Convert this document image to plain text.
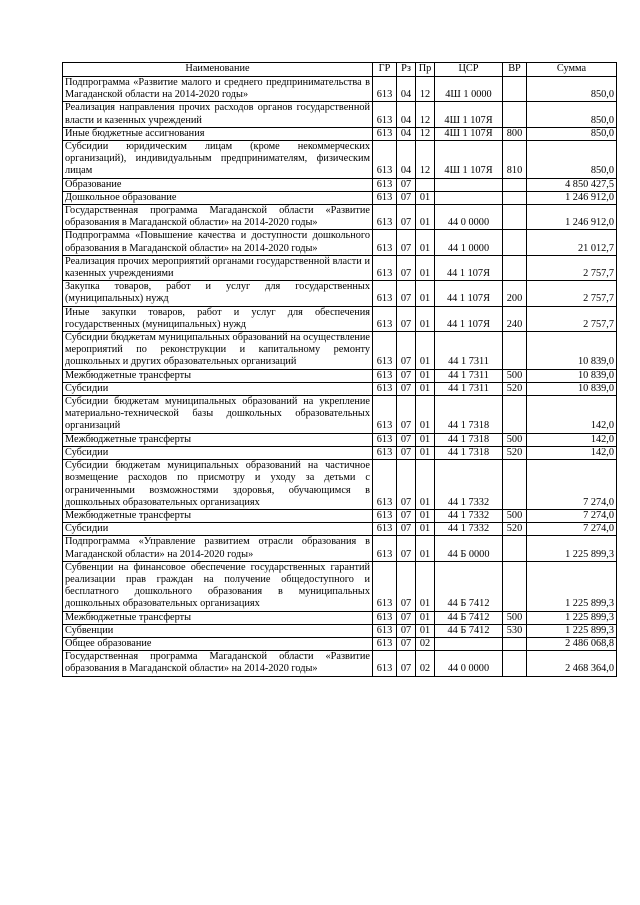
Наименование	ГР	Рз	Пр	ЦСР	ВР	Сумма
Подпрограмма «Развитие малого и среднего предпринимательства в Магаданской области на 2014-2020 годы»	613	04	12	4Ш 1 0000		850,0
Реализация направления прочих расходов органов государственной власти и казенных учреждений	613	04	12	4Ш 1 107Я		850,0
Иные бюджетные ассигнования	613	04	12	4Ш 1 107Я	800	850,0
Субсидии юридическим лицам (кроме некоммерческих организаций), индивидуальным предпринимателям, физическим лицам	613	04	12	4Ш 1 107Я	810	850,0
Образование	613	07				4 850 427,5
Дошкольное образование	613	07	01			1 246 912,0
Государственная программа Магаданской области «Развитие образования в Магаданской области» на 2014-2020 годы»	613	07	01	44 0 0000		1 246 912,0
Подпрограмма «Повышение качества и доступности дошкольного образования в Магаданской области» на 2014-2020 годы»	613	07	01	44 1 0000		21 012,7
Реализация прочих мероприятий органами государственной власти и казенных учреждениями	613	07	01	44 1 107Я		2 757,7
Закупка товаров, работ и услуг для государственных (муниципальных) нужд	613	07	01	44 1 107Я	200	2 757,7
Иные закупки товаров, работ и услуг для обеспечения государственных (муниципальных) нужд	613	07	01	44 1 107Я	240	2 757,7
Субсидии бюджетам муниципальных образований на осуществление мероприятий по реконструкции и капитальному ремонту дошкольных и других образовательных организаций	613	07	01	44 1 7311		10 839,0
Межбюджетные трансферты	613	07	01	44 1 7311	500	10 839,0
Субсидии	613	07	01	44 1 7311	520	10 839,0
Субсидии бюджетам муниципальных образований на укрепление материально-технической базы дошкольных образовательных организаций	613	07	01	44 1 7318		142,0
Межбюджетные трансферты	613	07	01	44 1 7318	500	142,0
Субсидии	613	07	01	44 1 7318	520	142,0
Субсидии бюджетам муниципальных образований на частичное возмещение расходов по присмотру и уходу за детьми с ограниченными возможностями здоровья, обучающимся в дошкольных образовательных организациях	613	07	01	44 1 7332		7 274,0
Межбюджетные трансферты	613	07	01	44 1 7332	500	7 274,0
Субсидии	613	07	01	44 1 7332	520	7 274,0
Подпрограмма «Управление развитием отрасли образования в Магаданской области» на 2014-2020 годы»	613	07	01	44 Б 0000		1 225 899,3
Субвенции на финансовое обеспечение государственных гарантий реализации прав граждан на получение общедоступного и бесплатного дошкольного образования в муниципальных дошкольных образовательных организациях	613	07	01	44 Б 7412		1 225 899,3
Межбюджетные трансферты	613	07	01	44 Б 7412	500	1 225 899,3
Субвенции	613	07	01	44 Б 7412	530	1 225 899,3
Общее образование	613	07	02			2 486 068,8
Государственная программа Магаданской области «Развитие образования в Магаданской области» на 2014-2020 годы»	613	07	02	44 0 0000		2 468 364,0
